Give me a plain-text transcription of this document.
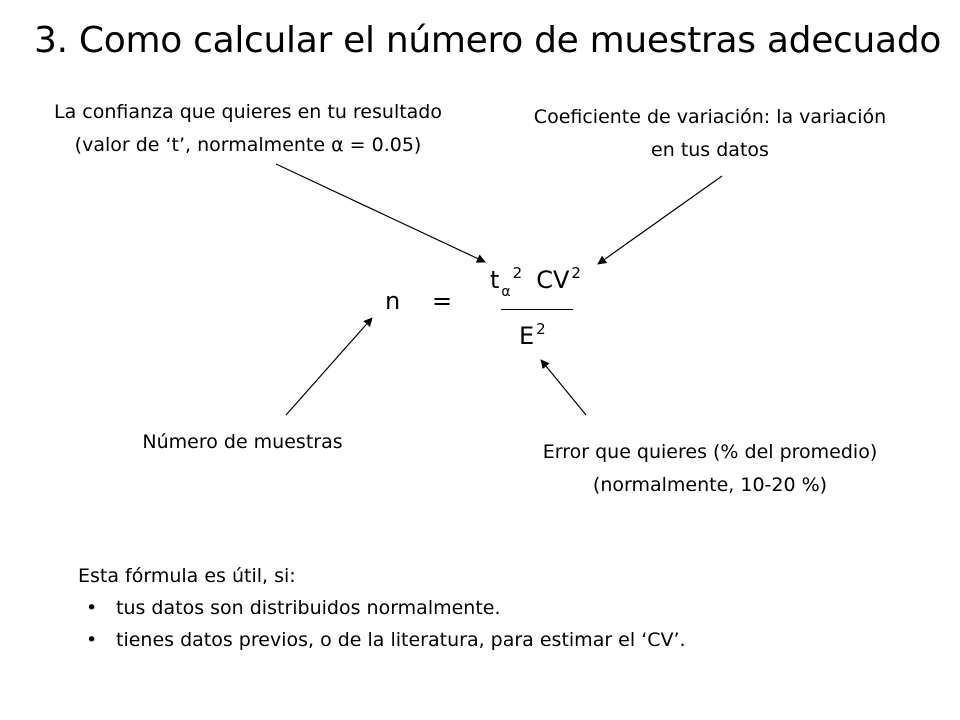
3. Como calcular el número de muestras adecuado
La confianza que quieres en tu resultado
(valor de ‘t’, normalmente α = 0.05)
Coeficiente de variación: la variación
en tus datos
Número de muestras	Error que quieres (% del promedio)
(normalmente, 10-20 %)
n =
t $_\alpha^2$ CV $^2$
E $^2$
Esta fórmula es útil, si:
• tus datos son distribuidos normalmente.
• tienes datos previos, o de la literatura, para estimar el ‘CV’.
